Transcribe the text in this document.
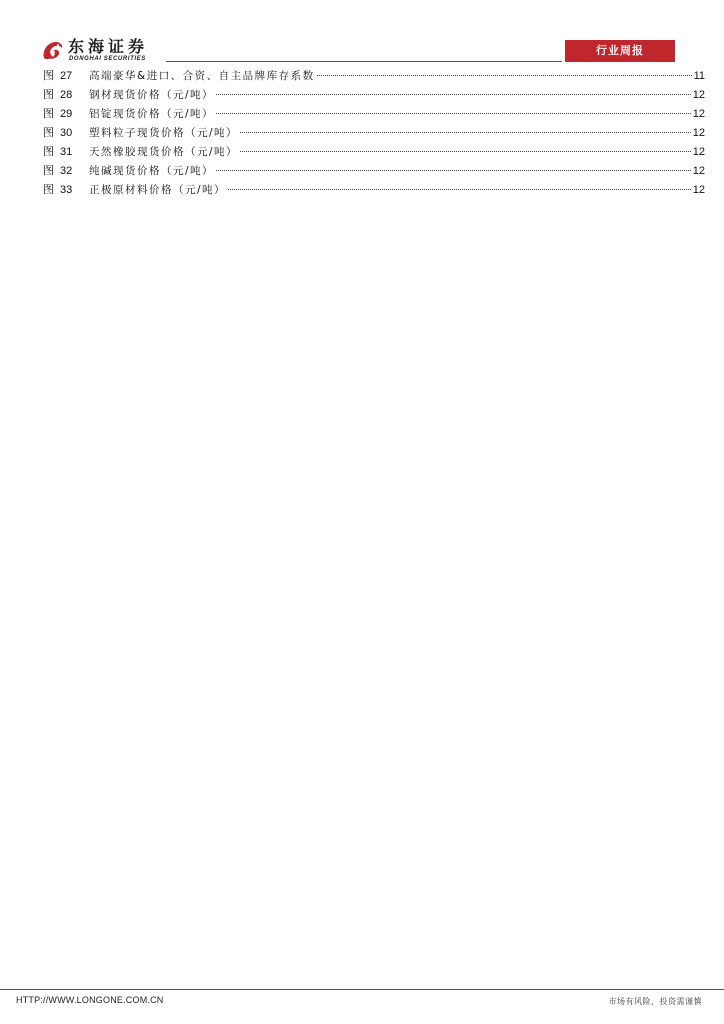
东海证券
DONGHAI SECURITIES
行业周报
图 27	高端豪华&进口、合资、自主品牌库存系数	11
图 28	钢材现货价格（元/吨）	12
图 29	铝锭现货价格（元/吨）	12
图 30	塑料粒子现货价格（元/吨）	12
图 31	天然橡胶现货价格（元/吨）	12
图 32	纯碱现货价格（元/吨）	12
图 33	正极原材料价格（元/吨）	12
HTTP://WWW.LONGONE.COM.CN	市场有风险，投资需谨慎
